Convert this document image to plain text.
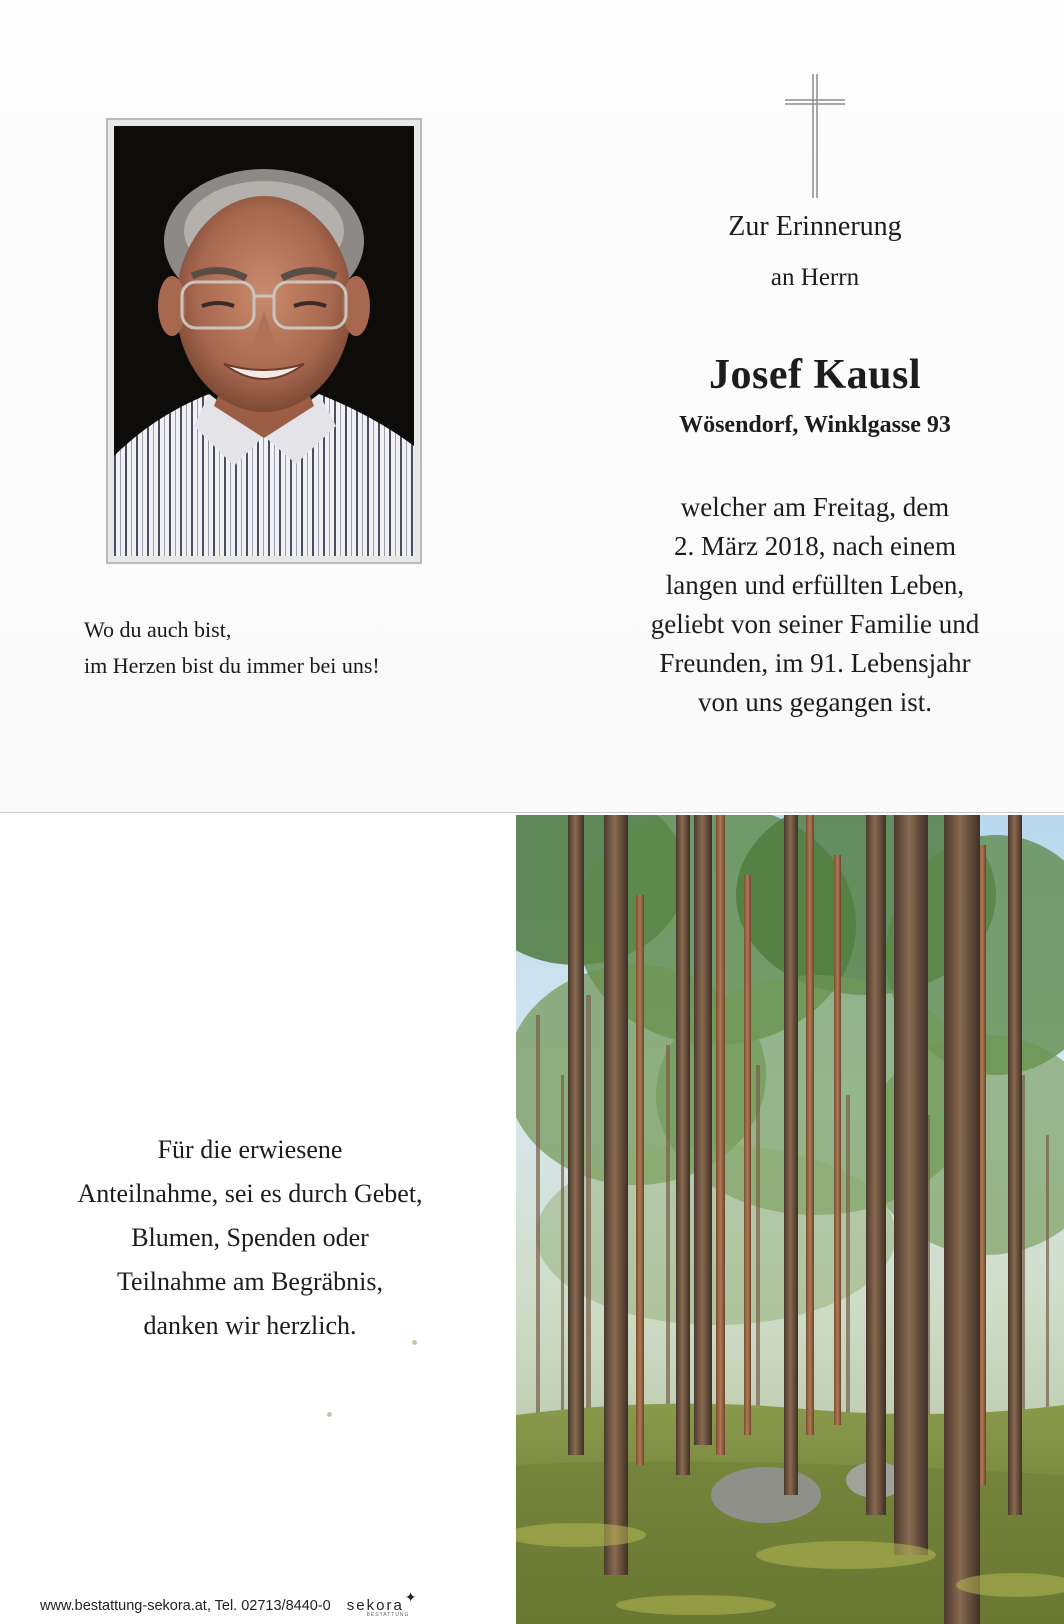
Wo du auch bist,
im Herzen bist du immer bei uns!
Zur Erinnerung
an Herrn
Josef Kausl
Wösendorf, Winklgasse 93
welcher am Freitag, dem
2. März 2018, nach einem
langen und erfüllten Leben,
geliebt von seiner Familie und
Freunden, im 91. Lebensjahr
von uns gegangen ist.
Für die erwiesene
Anteilnahme, sei es durch Gebet,
Blumen, Spenden oder
Teilnahme am Begräbnis,
danken wir herzlich.
www.bestattung-sekora.at, Tel. 02713/8440-0 sekora✦ $_{BESTATTUNG}$
